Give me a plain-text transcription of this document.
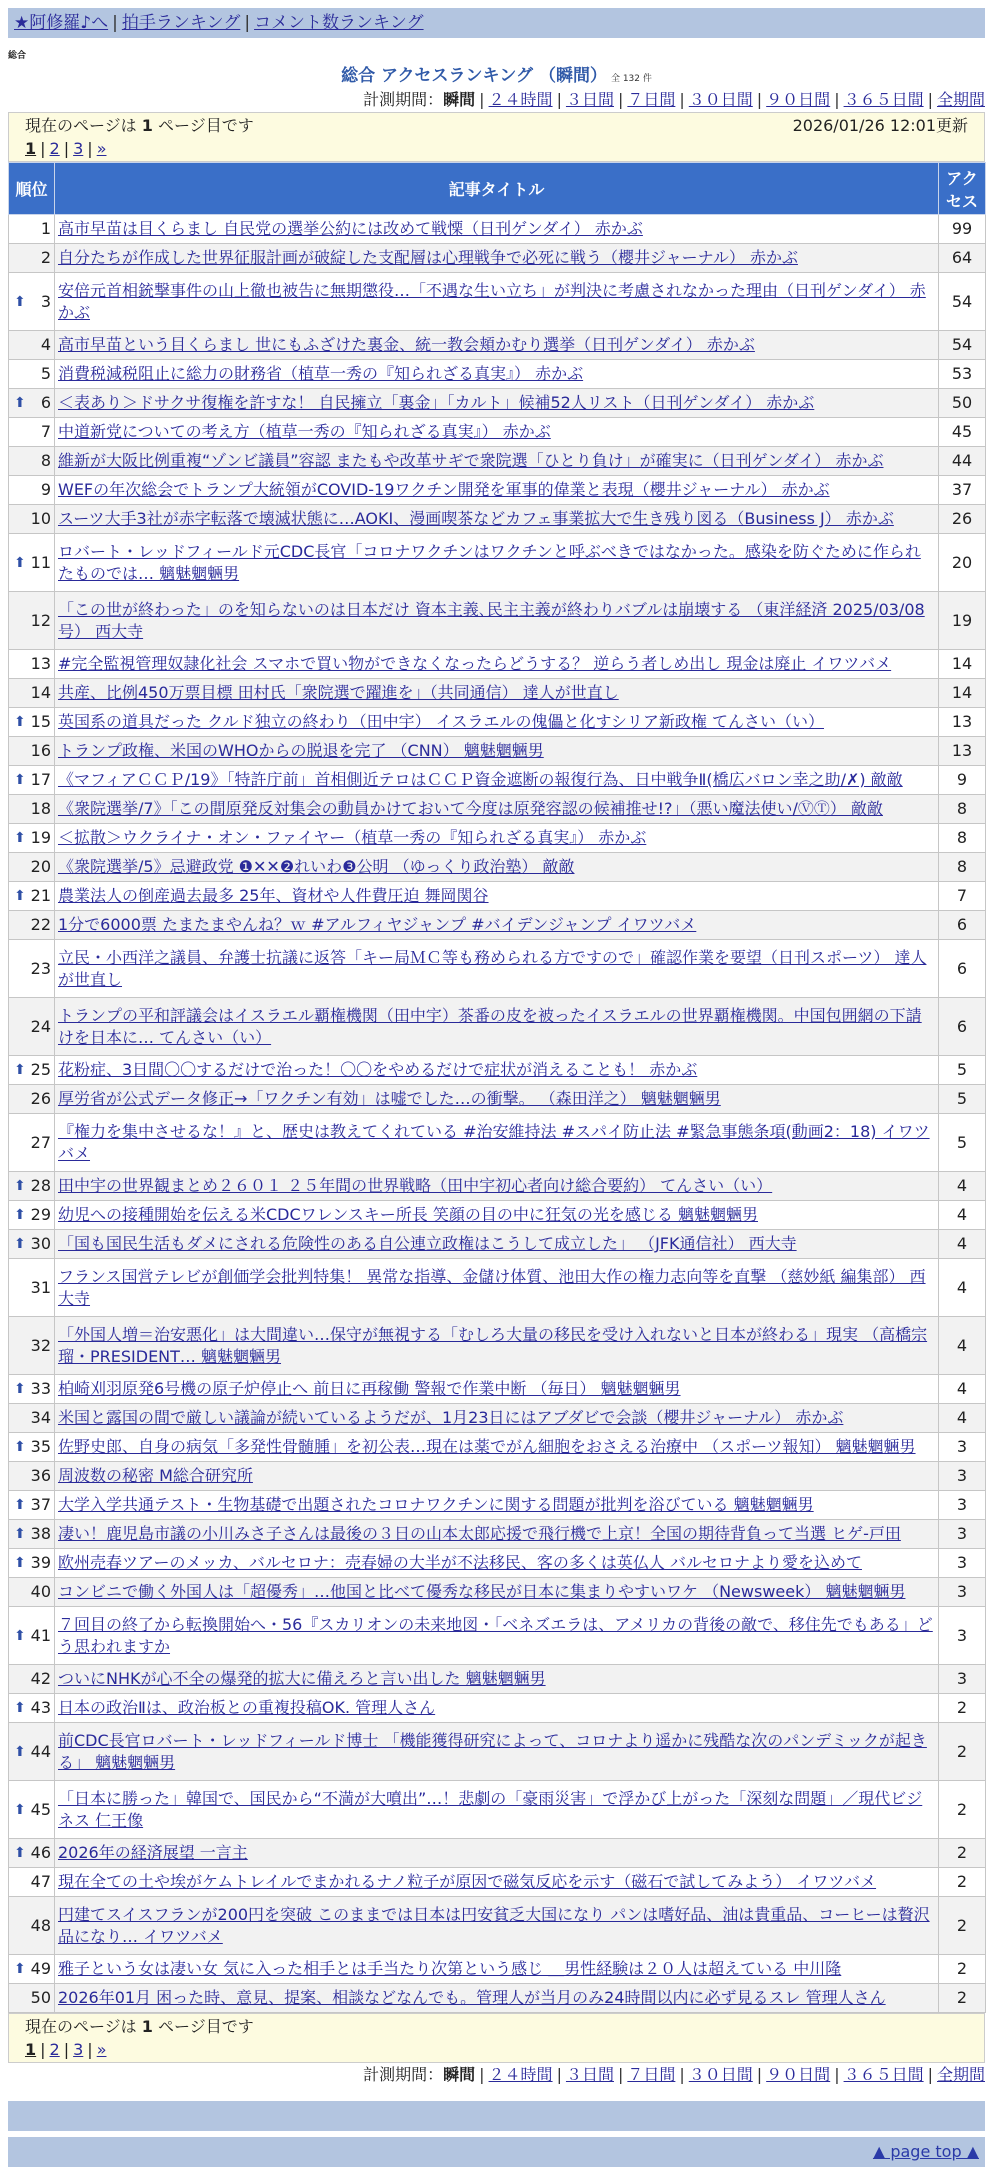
★阿修羅♪へ | 拍手ランキング | コメント数ランキング
総合
総合 アクセスランキング （瞬間） 全 132 件
計測期間：瞬間 | ２４時間 | ３日間 | ７日間 | ３０日間 | ９０日間 | ３６５日間 | 全期間
現在のページは 1 ページ目です	2026/01/26 12:01更新
1 | 2 | 3 | »
順位	記事タイトル	アクセス
1	高市早苗は目くらまし 自民党の選挙公約には改めて戦慄（日刊ゲンダイ） 赤かぶ	99
2	自分たちが作成した世界征服計画が破綻した支配層は心理戦争で必死に戦う（櫻井ジャーナル） 赤かぶ	64

⬆ 3	安倍元首相銃撃事件の山上徹也被告に無期懲役…「不遇な生い立ち」が判決に考慮されなかった理由（日刊ゲンダイ） 赤かぶ	54
4	高市早苗という目くらまし 世にもふざけた裏金、統一教会頬かむり選挙（日刊ゲンダイ） 赤かぶ	54
5	消費税減税阻止に総力の財務省（植草一秀の『知られざる真実』） 赤かぶ	53

⬆ 6	＜表あり＞ドサクサ復権を許すな！ 自民擁立「裏金」「カルト」候補52人リスト（日刊ゲンダイ） 赤かぶ	50
7	中道新党についての考え方（植草一秀の『知られざる真実』） 赤かぶ	45
8	維新が大阪比例重複“ゾンビ議員”容認 またもや改革サギで衆院選「ひとり負け」が確実に（日刊ゲンダイ） 赤かぶ	44
9	WEFの年次総会でトランプ大統領がCOVID-19ワクチン開発を軍事的偉業と表現（櫻井ジャーナル） 赤かぶ	37
10	スーツ大手3社が赤字転落で壊滅状態に…AOKI、漫画喫茶などカフェ事業拡大で生き残り図る（Business J） 赤かぶ	26

⬆ 11	ロバート・レッドフィールド元CDC長官「コロナワクチンはワクチンと呼ぶべきではなかった。感染を防ぐために作られたものでは… 魑魅魍魎男	20
12	「この世が終わった」のを知らないのは日本だけ 資本主義､民主主義が終わりバブルは崩壊する （東洋経済 2025/03/08号） 西大寺	19
13	#完全監視管理奴隷化社会 スマホで買い物ができなくなったらどうする？ 逆らう者しめ出し 現金は廃止 イワツバメ	14
14	共産、比例450万票目標 田村氏「衆院選で躍進を」（共同通信） 達人が世直し	14

⬆ 15	英国系の道具だった クルド独立の終わり（田中宇） イスラエルの傀儡と化すシリア新政権 てんさい（い）	13
16	トランプ政権、米国のWHOからの脱退を完了 （CNN） 魑魅魍魎男	13

⬆ 17	《マフィアＣＣＰ/19》「特許庁前」首相側近テロはＣＣＰ資金遮断の報復行為、日中戦争Ⅱ(橋広バロン幸之助/✗) 敵敵	9
18	《衆院選挙/7》「この間原発反対集会の動員かけておいて今度は原発容認の候補推せ!?」（悪い魔法使い/ⓋⓉ） 敵敵	8

⬆ 19	＜拡散＞ウクライナ・オン・ファイヤー（植草一秀の『知られざる真実』） 赤かぶ	8
20	《衆院選挙/5》忌避政党 ❶✕✕❷れいわ❸公明 （ゆっくり政治塾） 敵敵	8

⬆ 21	農業法人の倒産過去最多 25年、資材や人件費圧迫 舞岡関谷	7
22	1分で6000票 たまたまやんね？ｗ #アルフィヤジャンプ #バイデンジャンプ イワツバメ	6
23	立民・小西洋之議員、弁護士抗議に返答「キー局ＭＣ等も務められる方ですので」確認作業を要望（日刊スポーツ） 達人が世直し	6
24	トランプの平和評議会はイスラエル覇権機関（田中宇）茶番の皮を被ったイスラエルの世界覇権機関。中国包囲網の下請けを日本に… てんさい（い）	6

⬆ 25	花粉症、3日間〇〇するだけで治った！〇〇をやめるだけで症状が消えることも！ 赤かぶ	5
26	厚労省が公式データ修正→「ワクチン有効」は嘘でした…の衝撃。 （森田洋之） 魑魅魍魎男	5
27	『権力を集中させるな！』と、歴史は教えてくれている #治安維持法 #スパイ防止法 #緊急事態条項(動画2：18) イワツバメ	5

⬆ 28	田中宇の世界観まとめ２６０１ ２５年間の世界戦略（田中宇初心者向け総合要約） てんさい（い）	4

⬆ 29	幼児への接種開始を伝える米CDCワレンスキー所長 笑顔の目の中に狂気の光を感じる 魑魅魍魎男	4

⬆ 30	「国も国民生活もダメにされる危険性のある自公連立政権はこうして成立した」 （JFK通信社） 西大寺	4
31	フランス国営テレビが創価学会批判特集！ 異常な指導、金儲け体質、池田大作の権力志向等を直撃 （慈妙紙 編集部） 西大寺	4
32	「外国人増＝治安悪化」は大間違い…保守が無視する「むしろ大量の移民を受け入れないと日本が終わる」現実 （高橋宗瑠・PRESIDENT… 魑魅魍魎男	4

⬆ 33	柏崎刈羽原発6号機の原子炉停止へ 前日に再稼働 警報で作業中断 （毎日） 魑魅魍魎男	4
34	米国と露国の間で厳しい議論が続いているようだが、1月23日にはアブダビで会談（櫻井ジャーナル） 赤かぶ	4

⬆ 35	佐野史郎、自身の病気「多発性骨髄腫」を初公表…現在は薬でがん細胞をおさえる治療中 （スポーツ報知） 魑魅魍魎男	3
36	周波数の秘密 M総合研究所	3

⬆ 37	大学入学共通テスト・生物基礎で出題されたコロナワクチンに関する問題が批判を浴びている 魑魅魍魎男	3

⬆ 38	凄い！鹿児島市議の小川みさ子さんは最後の３日の山本太郎応援で飛行機で上京！全国の期待背負って当選 ヒゲ-戸田	3

⬆ 39	欧州売春ツアーのメッカ、バルセロナ：売春婦の大半が不法移民、客の多くは英仏人 バルセロナより愛を込めて	3
40	コンビニで働く外国人は「超優秀」…他国と比べて優秀な移民が日本に集まりやすいワケ （Newsweek） 魑魅魍魎男	3

⬆ 41	７回目の終了から転換開始へ・56『スカリオンの未来地図・「ベネズエラは、アメリカの背後の敵で、移住先でもある」どう思われますか	3
42	ついにNHKが心不全の爆発的拡大に備えろと言い出した 魑魅魍魎男	3

⬆ 43	日本の政治Ⅱは、政治板との重複投稿OK. 管理人さん	2

⬆ 44	前CDC長官ロバート・レッドフィールド博士 「機能獲得研究によって、コロナより遥かに残酷な次のパンデミックが起きる」 魑魅魍魎男	2

⬆ 45	「日本に勝った」韓国で、国民から“不満が大噴出”…！悲劇の「豪雨災害」で浮かび上がった「深刻な問題」／現代ビジネス 仁王像	2

⬆ 46	2026年の経済展望 一言主	2
47	現在全ての土や埃がケムトレイルでまかれるナノ粒子が原因で磁気反応を示す（磁石で試してみよう） イワツバメ	2
48	円建てスイスフランが200円を突破 このままでは日本は円安貧乏大国になり パンは嗜好品、油は貴重品、コーヒーは贅沢品になり… イワツバメ	2

⬆ 49	雅子という女は凄い女 気に入った相手とは手当たり次第という感じ ＿男性経験は２０人は超えている 中川隆	2
50	2026年01月 困った時、意見、提案、相談などなんでも。管理人が当月のみ24時間以内に必ず見るスレ 管理人さん	2
現在のページは 1 ページ目です
1 | 2 | 3 | »
計測期間：瞬間 | ２４時間 | ３日間 | ７日間 | ３０日間 | ９０日間 | ３６５日間 | 全期間
▲ page top ▲
